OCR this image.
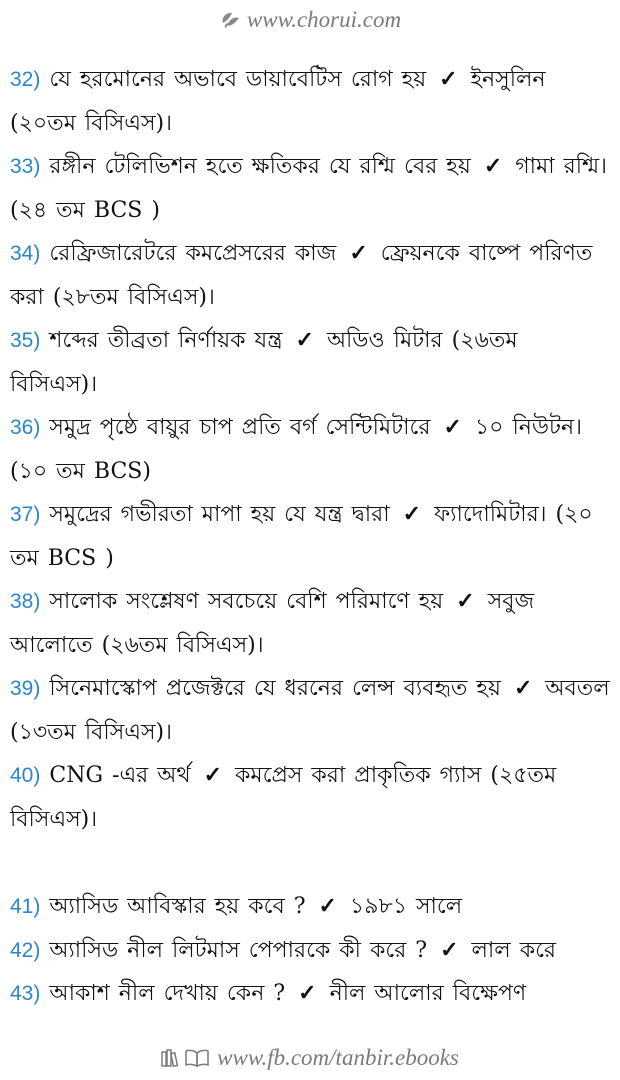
www.chorui.com

32) যে হরমোনের অভাবে ডায়াবেটিস রোগ হয় ✓ ইনসুলিন (২০তম বিসিএস)।

33) রঙ্গীন টেলিভিশন হতে ক্ষতিকর যে রশ্মি বের হয় ✓ গামা রশ্মি। (২৪ তম BCS )

34) রেফ্রিজারেটরে কমপ্রেসরের কাজ ✓ ফ্রেয়নকে বাষ্পে পরিণত করা (২৮তম বিসিএস)।

35) শব্দের তীব্রতা নির্ণায়ক যন্ত্র ✓ অডিও মিটার (২৬তম বিসিএস)।

36) সমুদ্র পৃষ্ঠে বায়ুর চাপ প্রতি বর্গ সেন্টিমিটারে ✓ ১০ নিউটন। (১০ তম BCS)

37) সমুদ্রের গভীরতা মাপা হয় যে যন্ত্র দ্বারা ✓ ফ্যাদোমিটার। (২০ তম BCS )

38) সালোক সংশ্লেষণ সবচেয়ে বেশি পরিমাণে হয় ✓ সবুজ আলোতে (২৬তম বিসিএস)।

39) সিনেমাস্কোপ প্রজেক্টরে যে ধরনের লেন্স ব্যবহৃত হয় ✓ অবতল (১৩তম বিসিএস)।

40) CNG -এর অর্থ ✓ কমপ্রেস করা প্রাকৃতিক গ্যাস (২৫তম বিসিএস)।

41) অ্যাসিড আবিস্কার হয় কবে ? ✓ ১৯৮১ সালে

42) অ্যাসিড নীল লিটমাস পেপারকে কী করে ? ✓ লাল করে

43) আকাশ নীল দেখায় কেন ? ✓ নীল আলোর বিক্ষেপণ

www.fb.com/tanbir.ebooks
